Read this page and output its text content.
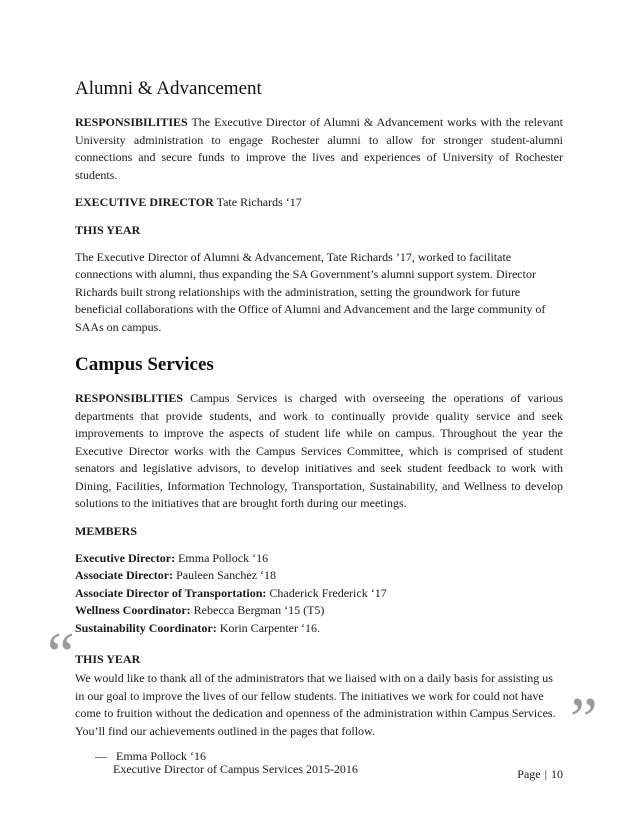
“
”
Alumni & Advancement

RESPONSIBILITIES The Executive Director of Alumni & Advancement works with the relevant University administration to engage Rochester alumni to allow for stronger student-alumni connections and secure funds to improve the lives and experiences of University of Rochester students.

EXECUTIVE DIRECTOR Tate Richards ‘17

THIS YEAR

The Executive Director of Alumni & Advancement, Tate Richards ’17, worked to facilitate connections with alumni, thus expanding the SA Government’s alumni support system. Director Richards built strong relationships with the administration, setting the groundwork for future beneficial collaborations with the Office of Alumni and Advancement and the large community of SAAs on campus.

Campus Services

RESPONSIBLITIES Campus Services is charged with overseeing the operations of various departments that provide students, and work to continually provide quality service and seek improvements to improve the aspects of student life while on campus. Throughout the year the Executive Director works with the Campus Services Committee, which is comprised of student senators and legislative advisors, to develop initiatives and seek student feedback to work with Dining, Facilities, Information Technology, Transportation, Sustainability, and Wellness to develop solutions to the initiatives that are brought forth during our meetings.

MEMBERS
Executive Director: Emma Pollock ‘16
Associate Director: Pauleen Sanchez ‘18
Associate Director of Transportation: Chaderick Frederick ‘17
Wellness Coordinator: Rebecca Bergman ‘15 (T5)
Sustainability Coordinator: Korin Carpenter ‘16.
THIS YEAR

We would like to thank all of the administrators that we liaised with on a daily basis for assisting us in our goal to improve the lives of our fellow students. The initiatives we work for could not have come to fruition without the dedication and openness of the administration within Campus Services. You’ll find our achievements outlined in the pages that follow.

— Emma Pollock ‘16
Executive Director of Campus Services 2015-2016	Page | 10
